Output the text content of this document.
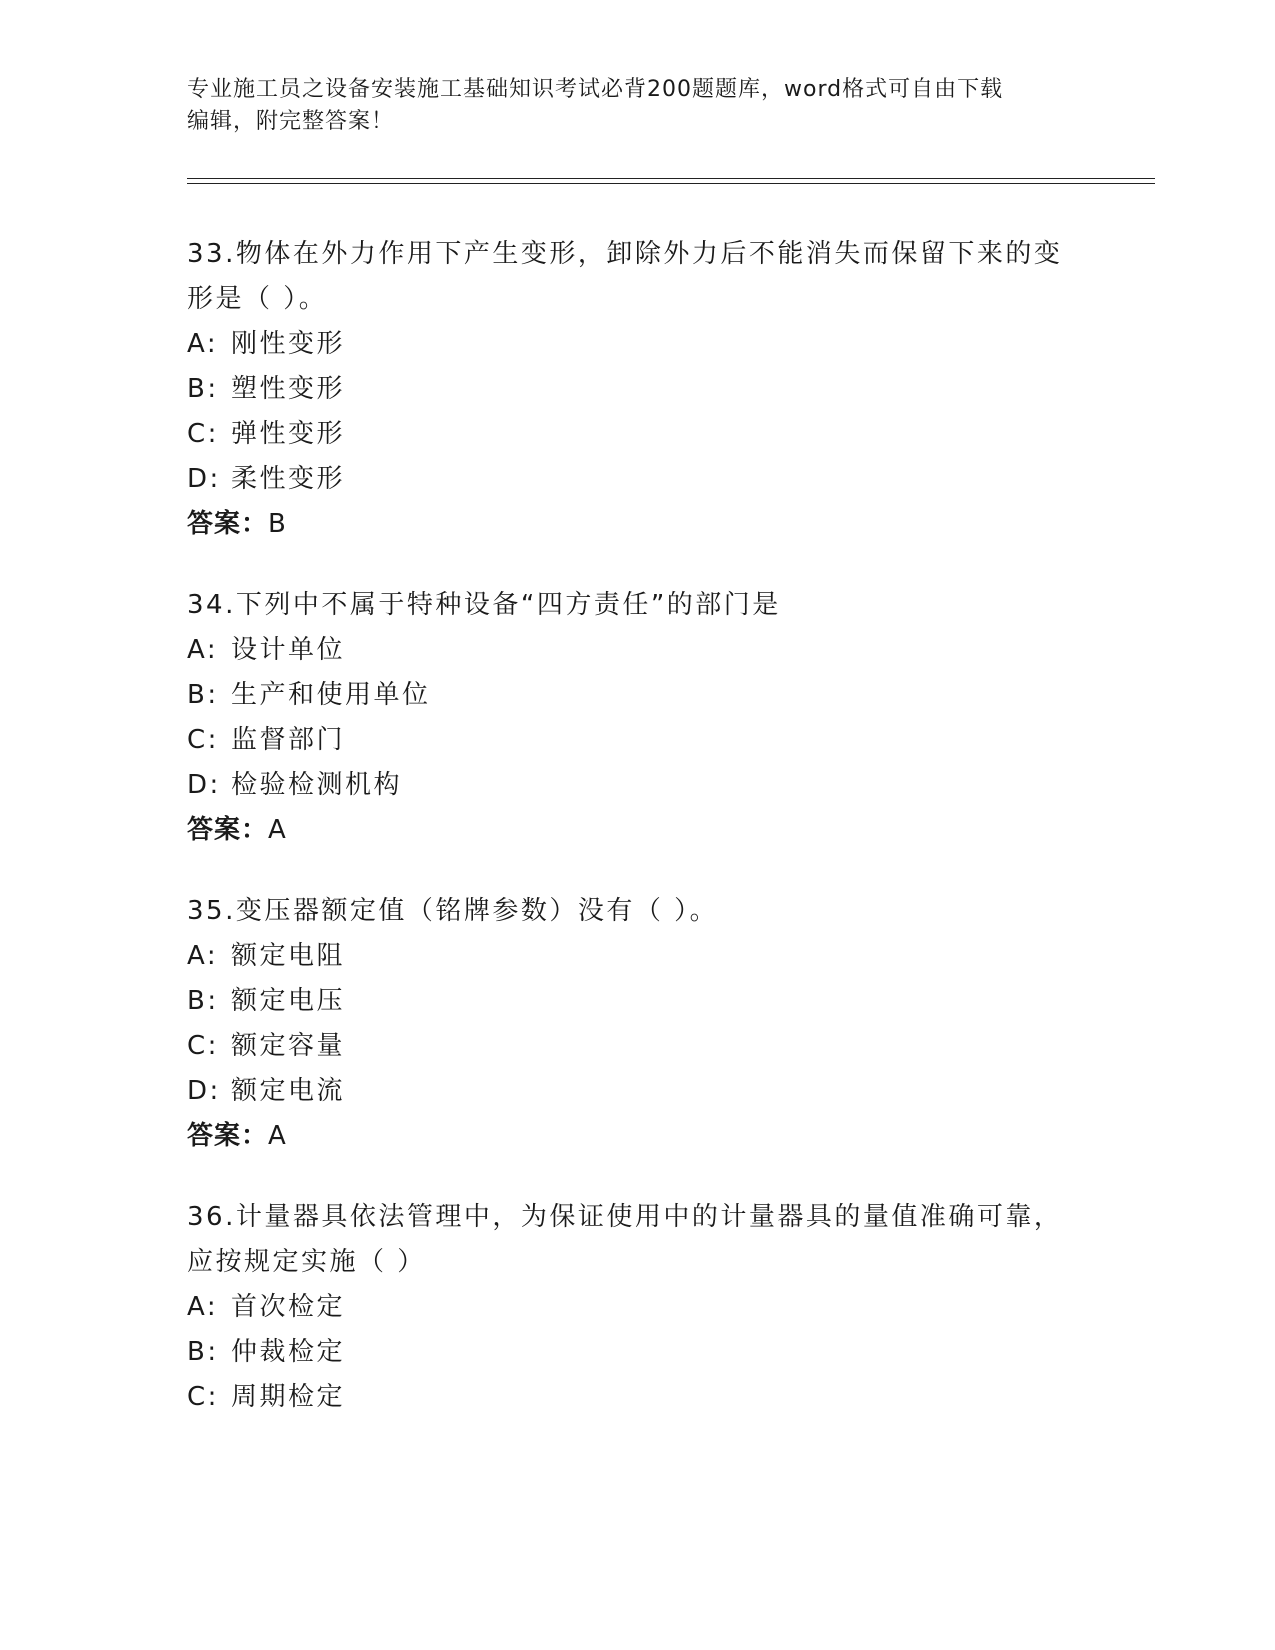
专业施工员之设备安装施工基础知识考试必背200题题库，word格式可自由下载
编辑，附完整答案！

33.物体在外力作用下产生变形，卸除外力后不能消失而保留下来的变形是（ ）。

A: 刚性变形

B: 塑性变形

C: 弹性变形

D: 柔性变形

答案：B

34.下列中不属于特种设备“四方责任”的部门是

A: 设计单位

B: 生产和使用单位

C: 监督部门

D: 检验检测机构

答案：A

35.变压器额定值（铭牌参数）没有（ ）。

A: 额定电阻

B: 额定电压

C: 额定容量

D: 额定电流

答案：A

36.计量器具依法管理中，为保证使用中的计量器具的量值准确可靠，应按规定实施（ ）

A: 首次检定

B: 仲裁检定

C: 周期检定
